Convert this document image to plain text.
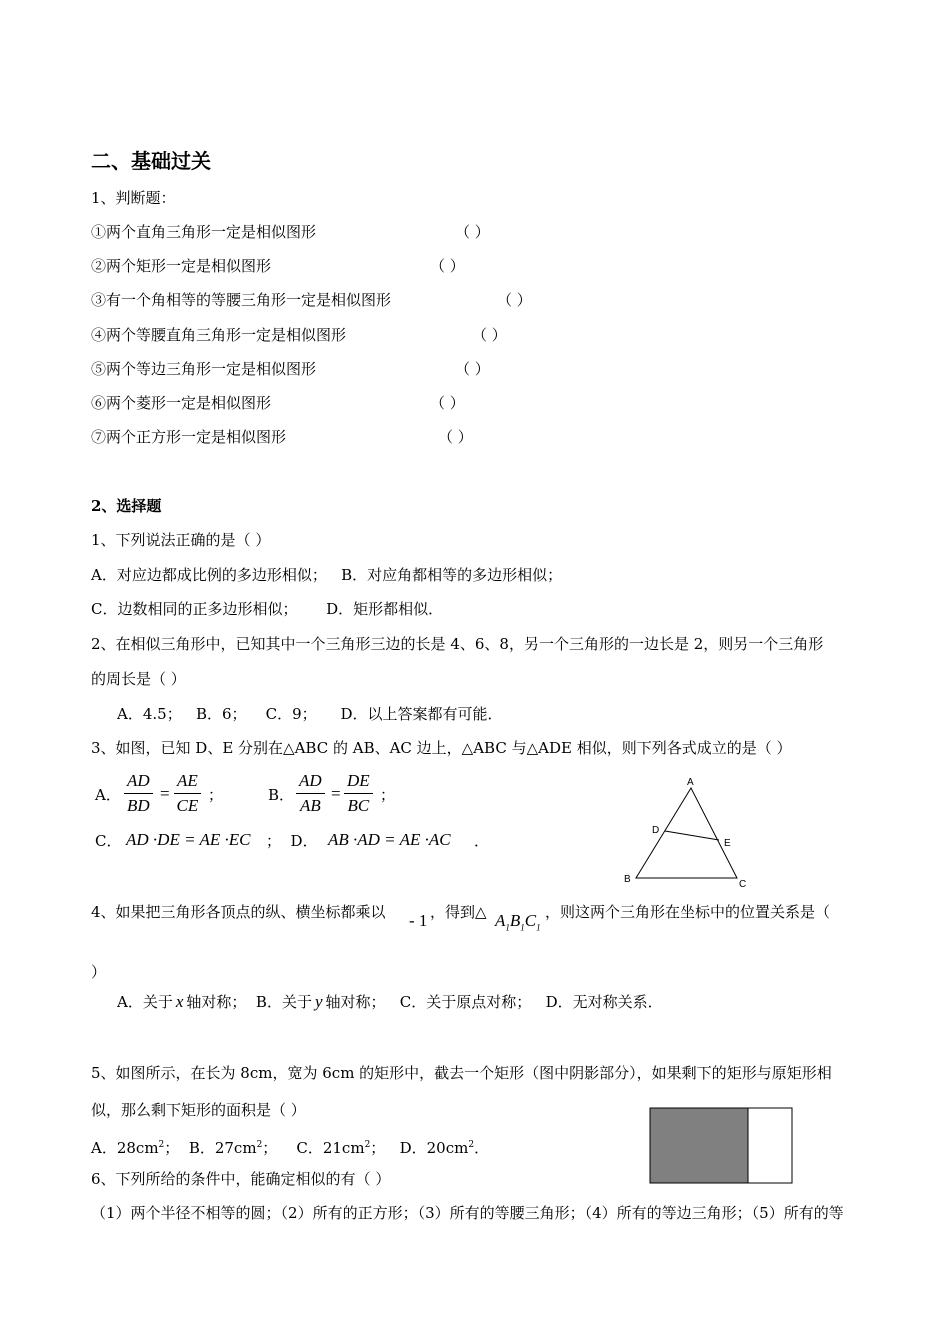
二、基础过关
1、判断题：
①两个直角三角形一定是相似图形	（ ）
②两个矩形一定是相似图形	（ ）
③有一个角相等的等腰三角形一定是相似图形	（ ）
④两个等腰直角三角形一定是相似图形	（ ）
⑤两个等边三角形一定是相似图形	（ ）
⑥两个菱形一定是相似图形	（ ）
⑦两个正方形一定是相似图形	（ ）
2、选择题
1、下列说法正确的是（ ）
A．对应边都成比例的多边形相似；   B．对应角都相等的多边形相似；
C．边数相同的正多边形相似；      D．矩形都相似．
2、在相似三角形中，已知其中一个三角形三边的长是 4、6、8，另一个三角形的一边长是 2，则另一个三角形
的周长是（ ）
A．4.5；   B．6；    C．9；     D．以上答案都有可能．
3、如图，已知 D、E 分别在△ABC 的 AB、AC 边上，△ABC 与△ADE 相似，则下列各式成立的是（ ）
A． $\frac{AD}{BD} = \frac{AE}{CE}$ ；	B． $\frac{AD}{AB} = \frac{DE}{BC}$ ；
C． AD ·DE = AE ·EC ；  D． AB ·AD = AE ·AC ．
A
D
E
B	C
4、如果把三角形各顶点的纵、横坐标都乘以 - 1 ，得到△ $A_1B_1C_1$
，则这两个三角形在坐标中的位置关系是（
）
A．关于 x 轴对称；  B．关于 y 轴对称；   C．关于原点对称；   D．无对称关系．
5、如图所示，在长为 8cm，宽为 6cm 的矩形中，截去一个矩形（图中阴影部分），如果剩下的矩形与原矩形相
似，那么剩下矩形的面积是（ ）
A．$28cm^2$；  B．$27cm^2$；    C．$21cm^2$；   D．$20cm^2$．
6、下列所给的条件中，能确定相似的有（ ）
（1）两个半径不相等的圆；（2）所有的正方形；（3）所有的等腰三角形；（4）所有的等边三角形；（5）所有的等
